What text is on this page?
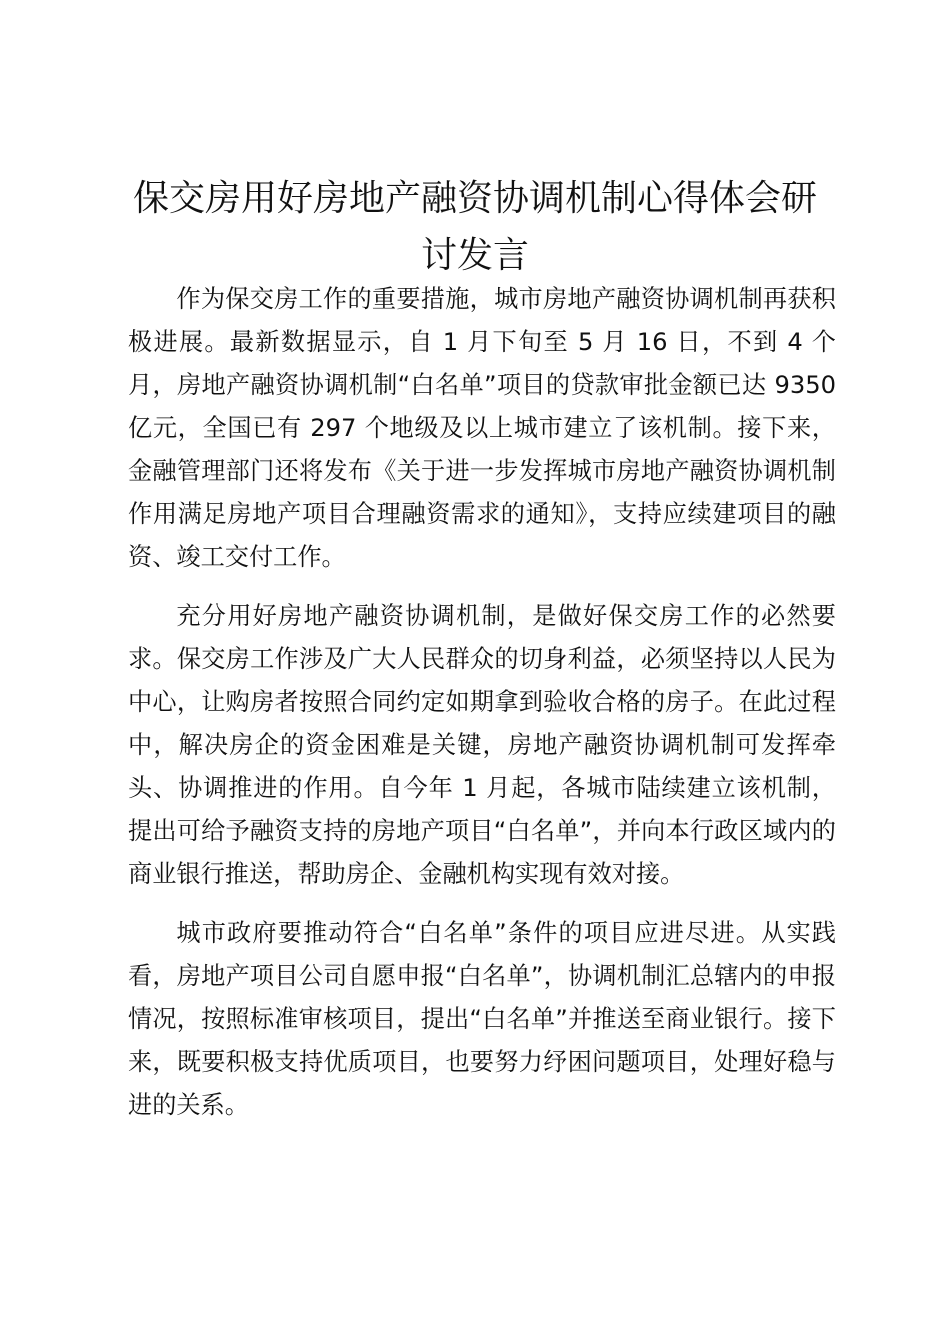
保交房用好房地产融资协调机制心得体会研讨发言

作为保交房工作的重要措施，城市房地产融资协调机制再获积极进展。最新数据显示，自 1 月下旬至 5 月 16 日，不到 4 个月，房地产融资协调机制“白名单”项目的贷款审批金额已达 9350 亿元，全国已有 297 个地级及以上城市建立了该机制。接下来，金融管理部门还将发布《关于进一步发挥城市房地产融资协调机制作用满足房地产项目合理融资需求的通知》，支持应续建项目的融资、竣工交付工作。

充分用好房地产融资协调机制，是做好保交房工作的必然要求。保交房工作涉及广大人民群众的切身利益，必须坚持以人民为中心，让购房者按照合同约定如期拿到验收合格的房子。在此过程中，解决房企的资金困难是关键，房地产融资协调机制可发挥牵头、协调推进的作用。自今年 1 月起，各城市陆续建立该机制，提出可给予融资支持的房地产项目“白名单”，并向本行政区域内的商业银行推送，帮助房企、金融机构实现有效对接。

城市政府要推动符合“白名单”条件的项目应进尽进。从实践看，房地产项目公司自愿申报“白名单”，协调机制汇总辖内的申报情况，按照标准审核项目，提出“白名单”并推送至商业银行。接下来，既要积极支持优质项目，也要努力纾困问题项目，处理好稳与进的关系。
